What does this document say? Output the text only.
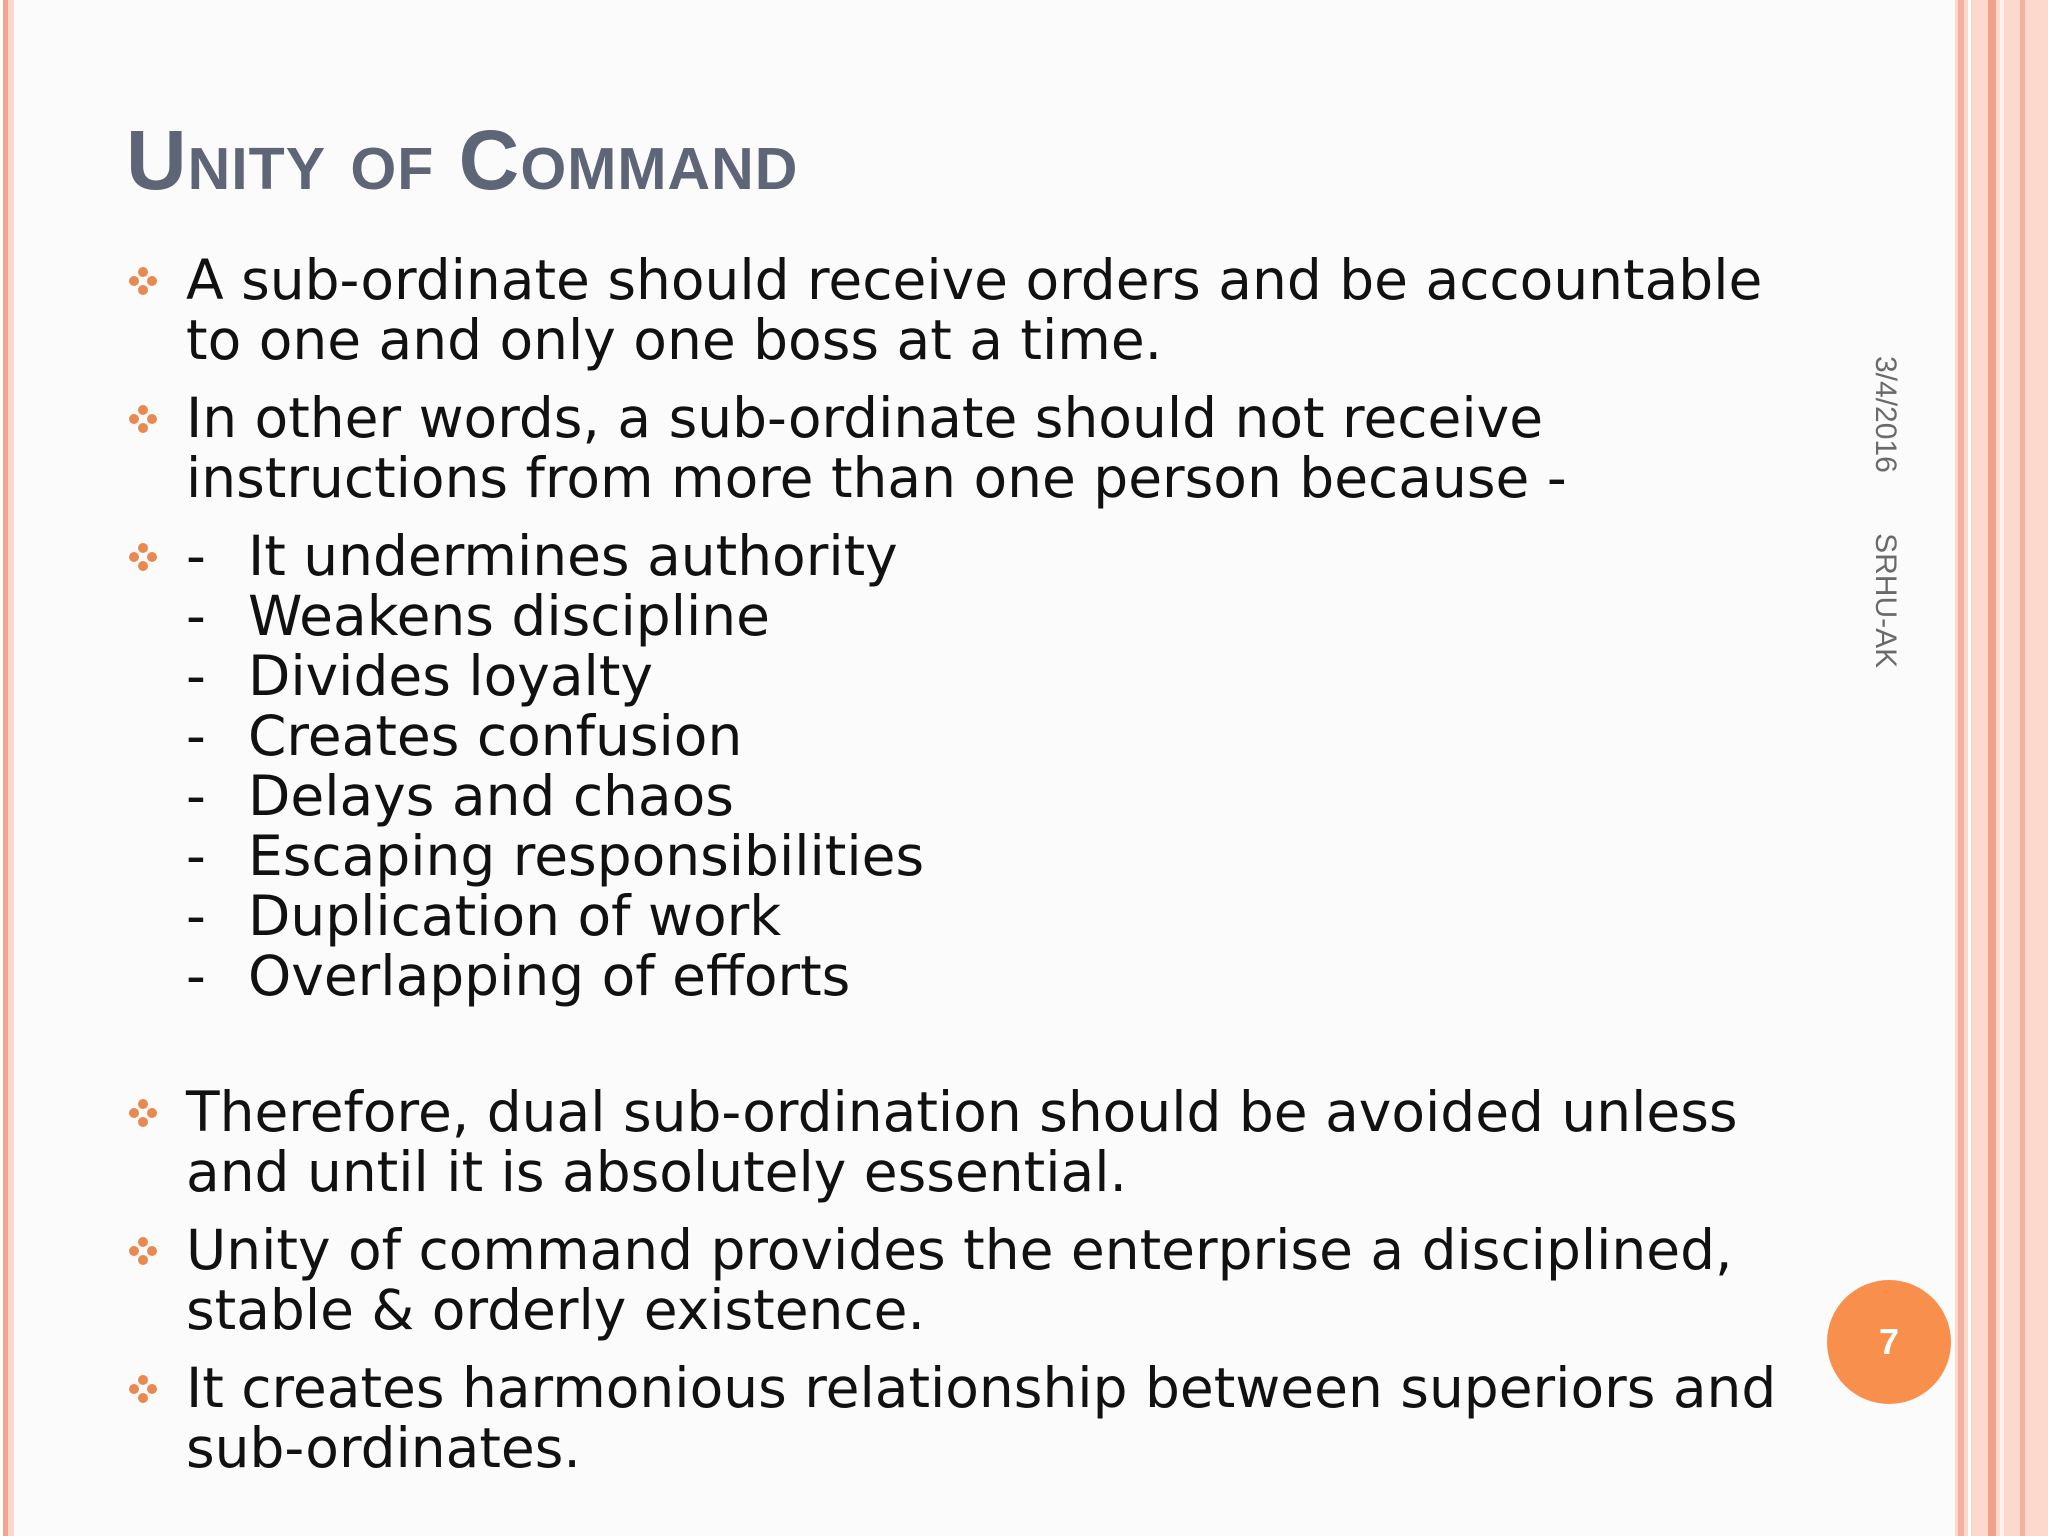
Unity of Command
A sub-ordinate should receive orders and be accountable
to one and only one boss at a time.
In other words, a sub-ordinate should not receive
instructions from more than one person because -
- It undermines authority
- Weakens discipline
- Divides loyalty
- Creates confusion
- Delays and chaos
- Escaping responsibilities
- Duplication of work
- Overlapping of efforts
Therefore, dual sub-ordination should be avoided unless
and until it is absolutely essential.
Unity of command provides the enterprise a disciplined,
stable & orderly existence.
It creates harmonious relationship between superiors and
sub-ordinates.
3/4/2016 SRHU-AK
7
